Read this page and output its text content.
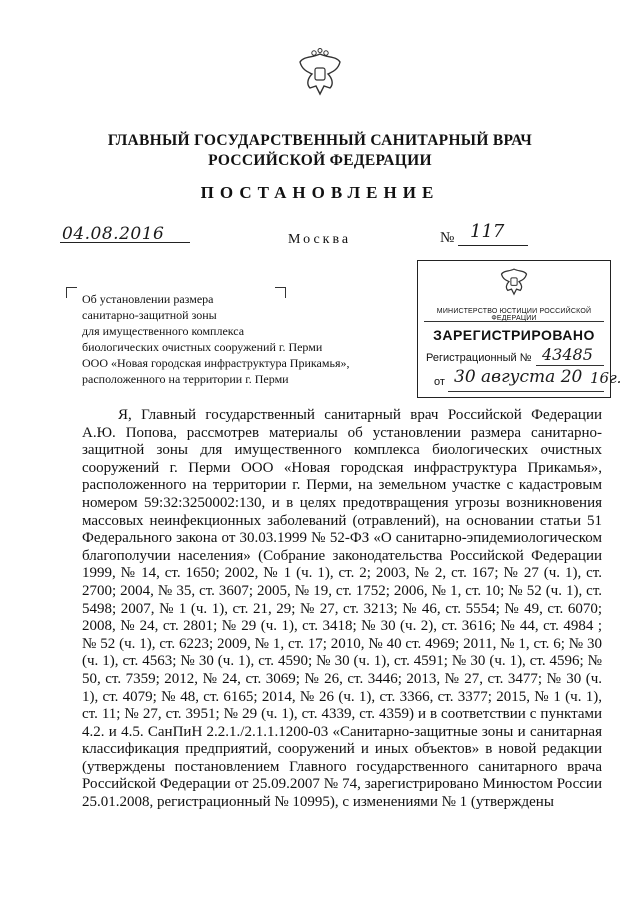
ГЛАВНЫЙ ГОСУДАРСТВЕННЫЙ САНИТАРНЫЙ ВРАЧ
РОССИЙСКОЙ ФЕДЕРАЦИИ
ПОСТАНОВЛЕНИЕ
04.08.2016	Москва	№ 117
Об установлении размера
санитарно-защитной зоны
для имущественного комплекса
биологических очистных сооружений г. Перми
ООО «Новая городская инфраструктура Прикамья»,
расположенного на территории г. Перми
МИНИСТЕРСТВО ЮСТИЦИИ РОССИЙСКОЙ ФЕДЕРАЦИИ
ЗАРЕГИСТРИРОВАНО
Регистрационный № 43485
от 30 августа 20 16г.

Я, Главный государственный санитарный врач Российской Федерации А.Ю. Попова, рассмотрев материалы об установлении размера санитарно-защитной зоны для имущественного комплекса биологических очистных сооружений г. Перми ООО «Новая городская инфраструктура Прикамья», расположенного на территории г. Перми, на земельном участке с кадастровым номером 59:32:3250002:130, и в целях предотвращения угрозы возникновения массовых неинфекционных заболеваний (отравлений), на основании статьи 51 Федерального закона от 30.03.1999 № 52-ФЗ «О санитарно-эпидемиологическом благополучии населения» (Собрание законодательства Российской Федерации 1999, № 14, ст. 1650; 2002, № 1 (ч. 1), ст. 2; 2003, № 2, ст. 167; № 27 (ч. 1), ст. 2700; 2004, № 35, ст. 3607; 2005, № 19, ст. 1752; 2006, № 1, ст. 10; № 52 (ч. 1), ст. 5498; 2007, № 1 (ч. 1), ст. 21, 29; № 27, ст. 3213; № 46, ст. 5554; № 49, ст. 6070; 2008, № 24, ст. 2801; № 29 (ч. 1), ст. 3418; № 30 (ч. 2), ст. 3616; № 44, ст. 4984 ; № 52 (ч. 1), ст. 6223; 2009, № 1, ст. 17; 2010, № 40 ст. 4969; 2011, № 1, ст. 6; № 30 (ч. 1), ст. 4563; № 30 (ч. 1), ст. 4590; № 30 (ч. 1), ст. 4591; № 30 (ч. 1), ст. 4596; № 50, ст. 7359; 2012, № 24, ст. 3069; № 26, ст. 3446; 2013, № 27, ст. 3477; № 30 (ч. 1), ст. 4079; № 48, ст. 6165; 2014, № 26 (ч. 1), ст. 3366, ст. 3377; 2015, № 1 (ч. 1), ст. 11; № 27, ст. 3951; № 29 (ч. 1), ст. 4339, ст. 4359) и в соответствии с пунктами 4.2. и 4.5. СанПиН 2.2.1./2.1.1.1200-03 «Санитарно-защитные зоны и санитарная классификация предприятий, сооружений и иных объектов» в новой редакции (утверждены постановлением Главного государственного санитарного врача Российской Федерации от 25.09.2007 № 74, зарегистрировано Минюстом России 25.01.2008, регистрационный № 10995), с изменениями № 1 (утверждены
